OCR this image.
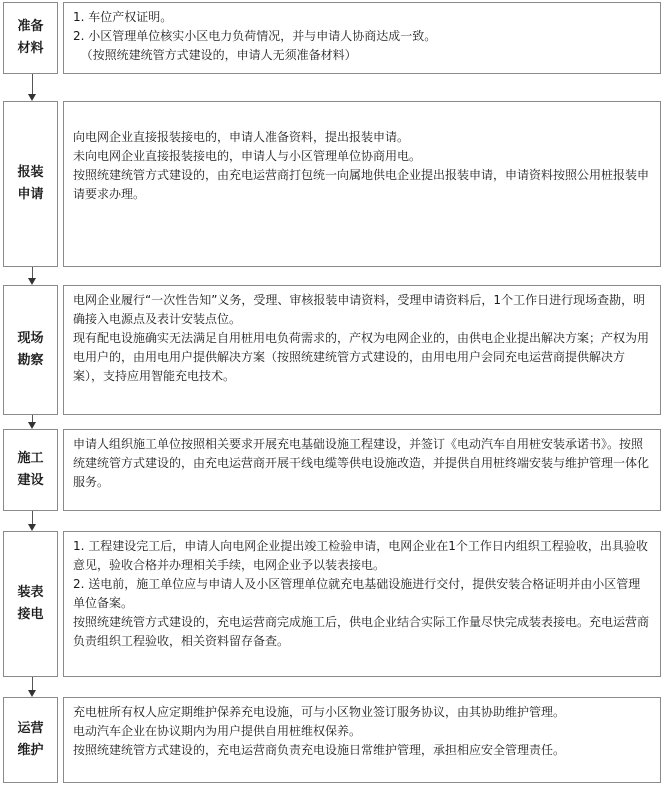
准备
材料

1. 车位产权证明。

2. 小区管理单位核实小区电力负荷情况，并与申请人协商达成一致。

（按照统建统管方式建设的，申请人无须准备材料）

报装
申请

向电网企业直接报装接电的，申请人准备资料，提出报装申请。

未向电网企业直接报装接电的，申请人与小区管理单位协商用电。

按照统建统管方式建设的，由充电运营商打包统一向属地供电企业提出报装申请，申请资料按照公用桩报装申请要求办理。

现场
勘察

电网企业履行“一次性告知”义务，受理、审核报装申请资料，受理申请资料后，1个工作日进行现场查勘，明确接入电源点及表计安装点位。

现有配电设施确实无法满足自用桩用电负荷需求的，产权为电网企业的，由供电企业提出解决方案；产权为用电用户的，由用电用户提供解决方案（按照统建统管方式建设的，由用电用户会同充电运营商提供解决方案），支持应用智能充电技术。

施工
建设

申请人组织施工单位按照相关要求开展充电基础设施工程建设，并签订《电动汽车自用桩安装承诺书》。按照统建统管方式建设的，由充电运营商开展干线电缆等供电设施改造，并提供自用桩终端安装与维护管理一体化服务。

装表
接电

1. 工程建设完工后，申请人向电网企业提出竣工检验申请，电网企业在1个工作日内组织工程验收，出具验收意见，验收合格并办理相关手续，电网企业予以装表接电。

2. 送电前，施工单位应与申请人及小区管理单位就充电基础设施进行交付，提供安装合格证明并由小区管理单位备案。

按照统建统管方式建设的，充电运营商完成施工后，供电企业结合实际工作量尽快完成装表接电。充电运营商负责组织工程验收，相关资料留存备查。

运营
维护

充电桩所有权人应定期维护保养充电设施，可与小区物业签订服务协议，由其协助维护管理。

电动汽车企业在协议期内为用户提供自用桩维权保养。

按照统建统管方式建设的，充电运营商负责充电设施日常维护管理，承担相应安全管理责任。
